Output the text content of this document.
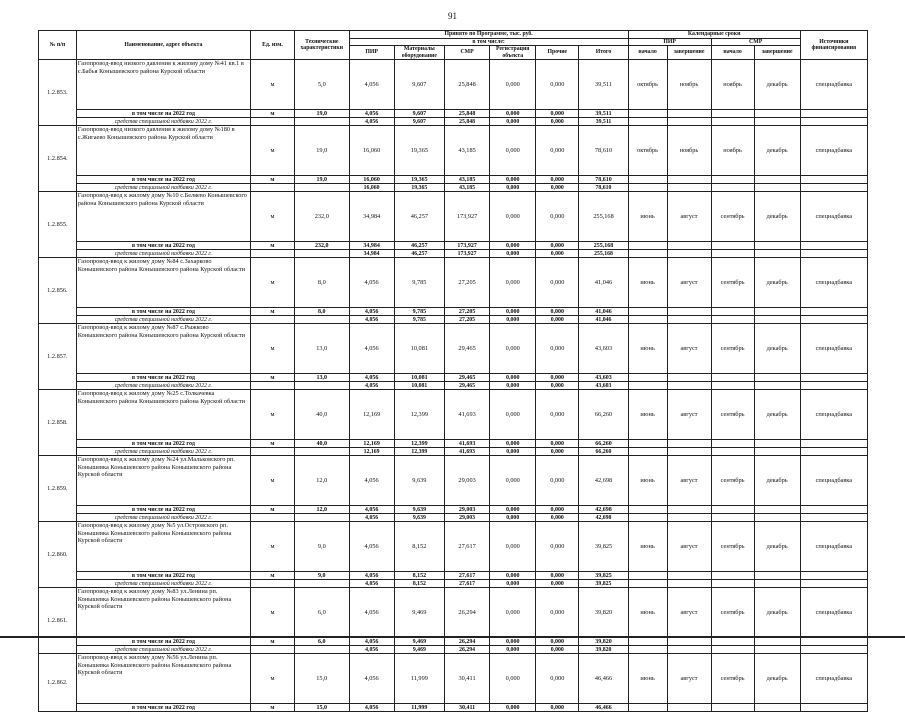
91
№ п/п	Наименование, адрес объекта	Ед. изм.	Технические характеристики	Принято по Программе, тыс. руб.						Календарные сроки				Источники финансирования
				в том числе:						ПИР		СМР		
				ПИР	Материалы оборудование	СМР	Регистрация объекта	Прочие	Итого	начало	завершение	начало	завершение	
1.2.853.	Газопровод-ввод низкого давления к жилому дому №41 кв.1 в с.Бабья Конышевского района Курской области	м	5,0	4,056	9,607	25,848	0,000	0,000	39,511	октябрь	ноябрь	ноябрь	декабрь	спецнадбавка
	в том числе на 2022 год	м	19,0	4,056	9,607	25,848	0,000	0,000	39,511					
	средства специальной надбавки 2022 г.			4,056	9,607	25,848	0,000	0,000	39,511					
1.2.854.	Газопровод-ввод низкого давления к жилому дому №180 в с.Жигаево Конышевского района Курской области	м	19,0	16,060	19,365	43,185	0,000	0,000	78,610	октябрь	ноябрь	ноябрь	декабрь	спецнадбавка
	в том числе на 2022 год	м	19,0	16,060	19,365	43,185	0,000	0,000	78,610					
	средства специальной надбавки 2022 г.			16,060	19,365	43,185	0,000	0,000	78,610					
1.2.855.	Газопровод-ввод к жилому дому №10 с.Беляево Конышевского района Конышевского района Курской области	м	232,0	34,984	46,257	173,927	0,000	0,000	255,168	июнь	август	сентябрь	декабрь	спецнадбавка
	в том числе на 2022 год	м	232,0	34,984	46,257	173,927	0,000	0,000	255,168					
	средства специальной надбавки 2022 г.			34,984	46,257	173,927	0,000	0,000	255,168					
1.2.856.	Газопровод-ввод к жилому дому №84 с.Захарково Конышевского района Конышевского района Курской области	м	8,0	4,056	9,785	27,205	0,000	0,000	41,046	июнь	август	сентябрь	декабрь	спецнадбавка
	в том числе на 2022 год	м	8,0	4,056	9,785	27,205	0,000	0,000	41,046					
	средства специальной надбавки 2022 г.			4,056	9,785	27,205	0,000	0,000	41,046					
1.2.857.	Газопровод-ввод к жилому дому №87 с.Рыжково Конышевского района Конышевского района Курской области	м	13,0	4,056	10,081	29,465	0,000	0,000	43,603	июнь	август	сентябрь	декабрь	спецнадбавка
	в том числе на 2022 год	м	13,0	4,056	10,081	29,465	0,000	0,000	43,603					
	средства специальной надбавки 2022 г.			4,056	10,081	29,465	0,000	0,000	43,603					
1.2.858.	Газопровод-ввод к жилому дому №25 с.Толкачевка Конышевского района Конышевского района Курской области	м	40,0	12,169	12,399	41,693	0,000	0,000	66,260	июнь	август	сентябрь	декабрь	спецнадбавка
	в том числе на 2022 год	м	40,0	12,169	12,399	41,693	0,000	0,000	66,260					
	средства специальной надбавки 2022 г.			12,169	12,399	41,693	0,000	0,000	66,260					
1.2.859.	Газопровод-ввод к жилому дому №24 ул.Мальковского рп. Конышевка Конышевского района Конышевского района Курской области	м	12,0	4,056	9,639	29,003	0,000	0,000	42,698	июнь	август	сентябрь	декабрь	спецнадбавка
	в том числе на 2022 год	м	12,0	4,056	9,639	29,003	0,000	0,000	42,698					
	средства специальной надбавки 2022 г.			4,056	9,639	29,003	0,000	0,000	42,698					
1.2.860.	Газопровод-ввод к жилому дому №5 ул.Островского рп. Конышевка Конышевского района Конышевского района Курской области	м	9,0	4,056	8,152	27,617	0,000	0,000	39,825	июнь	август	сентябрь	декабрь	спецнадбавка
	в том числе на 2022 год	м	9,0	4,056	8,152	27,617	0,000	0,000	39,825					
	средства специальной надбавки 2022 г.			4,056	8,152	27,617	0,000	0,000	39,825					
1.2.861.	Газопровод-ввод к жилому дому №83 ул.Ленина рп. Конышевка Конышевского района Конышевского района Курской области	м	6,0	4,056	9,469	26,294	0,000	0,000	39,820	июнь	август	сентябрь	декабрь	спецнадбавка
	в том числе на 2022 год	м	6,0	4,056	9,469	26,294	0,000	0,000	39,820					
	средства специальной надбавки 2022 г.			4,056	9,469	26,294	0,000	0,000	39,820					
1.2.862.	Газопровод-ввод к жилому дому №56 ул.Ленина рп. Конышевка Конышевского района Конышевского района Курской области	м	15,0	4,056	11,999	30,411	0,000	0,000	46,466	июнь	август	сентябрь	декабрь	спецнадбавка
	в том числе на 2022 год	м	15,0	4,056	11,999	30,411	0,000	0,000	46,466					
